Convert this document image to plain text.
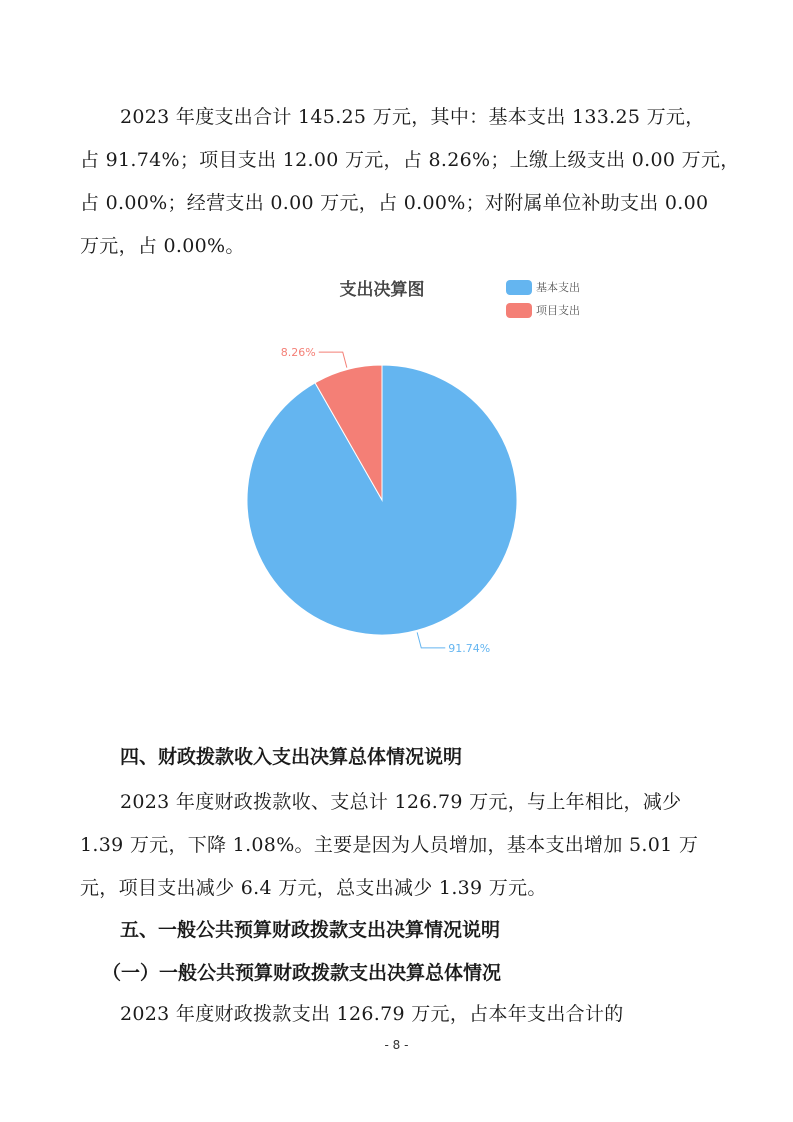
2023 年度支出合计 145.25 万元，其中：基本支出 133.25 万元，
占 91.74%；项目支出 12.00 万元，占 8.26%；上缴上级支出 0.00 万元，
占 0.00%；经营支出 0.00 万元，占 0.00%；对附属单位补助支出 0.00
万元，占 0.00%。
支出决算图	基本支出
项目支出
91.74%
8.26%
四、财政拨款收入支出决算总体情况说明
2023 年度财政拨款收、支总计 126.79 万元，与上年相比，减少
1.39 万元，下降 1.08%。主要是因为人员增加，基本支出增加 5.01 万
元，项目支出减少 6.4 万元，总支出减少 1.39 万元。
五、一般公共预算财政拨款支出决算情况说明
（一）一般公共预算财政拨款支出决算总体情况
2023 年度财政拨款支出 126.79 万元，占本年支出合计的
- 8 -
